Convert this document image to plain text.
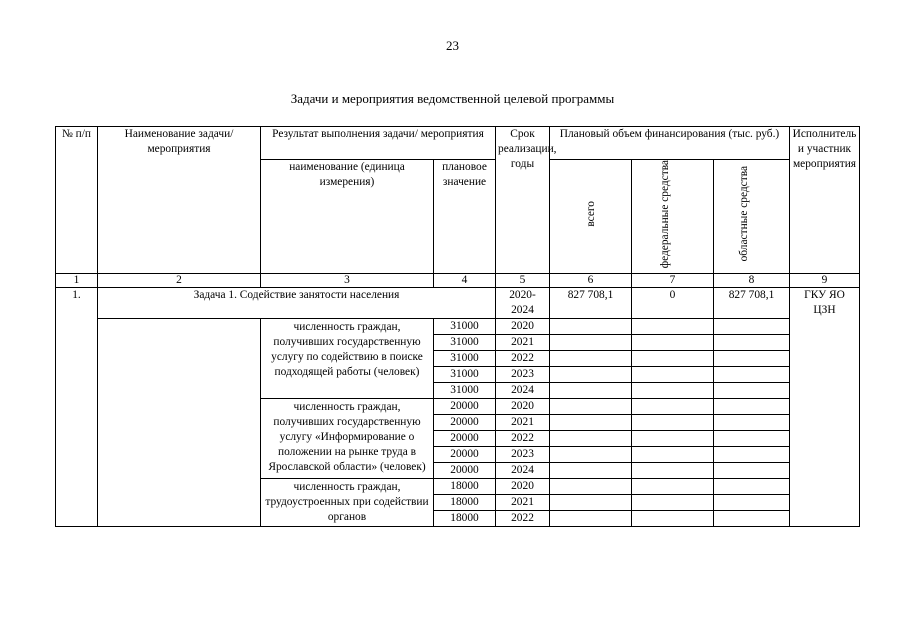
23
Задачи и мероприятия ведомственной целевой программы
№ п/п	Наименование задачи/ мероприятия	Результат выполнения задачи/ мероприятия		Срок реализации, годы	Плановый объем финансирования (тыс. руб.)			Исполнитель и участник мероприятия
		наименование (единица измерения)	плановое значение		всего	федеральные средства	областные средства	
1	2	3	4	5	6	7	8	9
1.	Задача 1. Содействие занятости населения			2020-2024	827 708,1	0	827 708,1	ГКУ ЯО ЦЗН
		численность граждан, получивших государственную услугу по содействию в поиске подходящей работы (человек)	31000	2020				
			31000	2021				
			31000	2022				
			31000	2023				
			31000	2024				
		численность граждан, получивших государственную услугу «Информирование о положении на рынке труда в Ярославской области» (человек)	20000	2020				
			20000	2021				
			20000	2022				
			20000	2023				
			20000	2024				
		численность граждан, трудоустроенных при содействии органов	18000	2020				
			18000	2021				
			18000	2022				
